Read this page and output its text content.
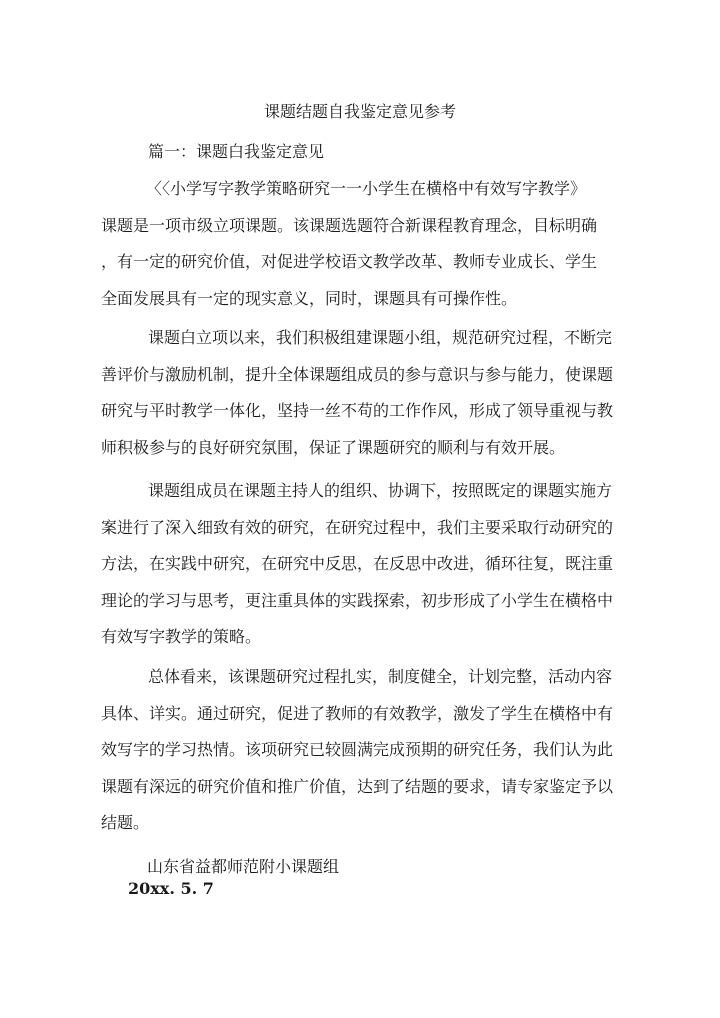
课题结题自我鉴定意见参考
篇一：课题白我鉴定意见
〈〈小学写字教学策略研究一一小学生在横格中有效写字教学》
课题是一项市级立项课题。该课题选题符合新课程教育理念，目标明确
，有一定的研究价值，对促进学校语文教学改革、教师专业成长、学生
全面发展具有一定的现实意义，同时，课题具有可操作性。
课题白立项以来，我们积极组建课题小组，规范研究过程，不断完
善评价与激励机制，提升全体课题组成员的参与意识与参与能力，使课题
研究与平时教学一体化，坚持一丝不苟的工作作风，形成了领导重视与教
师积极参与的良好研究氛围，保证了课题研究的顺利与有效开展。
课题组成员在课题主持人的组织、协调下，按照既定的课题实施方
案进行了深入细致有效的研究，在研究过程中，我们主要采取行动研究的
方法，在实践中研究，在研究中反思，在反思中改进，循环往复，既注重
理论的学习与思考，更注重具体的实践探索，初步形成了小学生在横格中
有效写字教学的策略。
总体看来，该课题研究过程扎实，制度健全，计划完整，活动内容
具体、详实。通过研究，促进了教师的有效教学，激发了学生在横格中有
效写字的学习热情。该项研究已较圆满完成预期的研究任务，我们认为此
课题有深远的研究价值和推广价值，达到了结题的要求，请专家鉴定予以
结题。
山东省益都师范附小课题组
20xx. 5. 7
